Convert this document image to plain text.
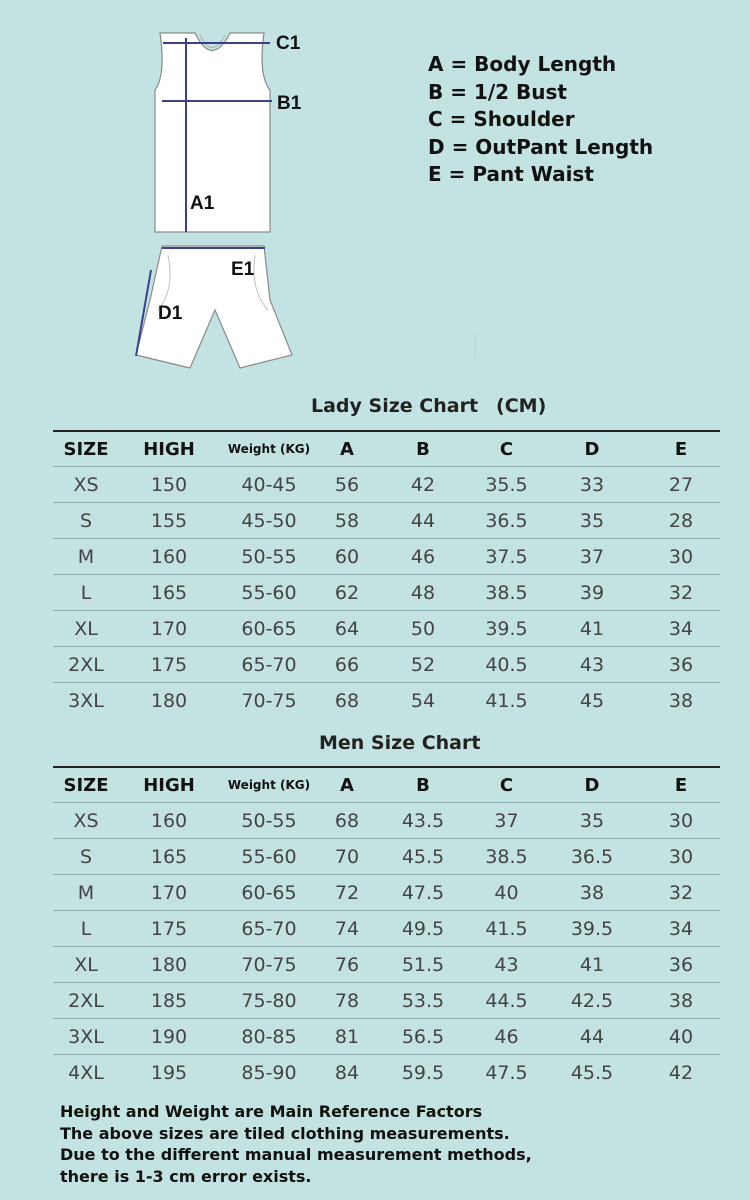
C1
B1
A1
E1
D1
A = Body Length
B = 1/2 Bust
C = Shoulder
D = OutPant Length
E = Pant Waist
Lady Size Chart (CM)
SIZE	HIGH	Weight (KG)	A	B	C	D	E
XS	150	40-45	56	42	35.5	33	27
S	155	45-50	58	44	36.5	35	28
M	160	50-55	60	46	37.5	37	30
L	165	55-60	62	48	38.5	39	32
XL	170	60-65	64	50	39.5	41	34
2XL	175	65-70	66	52	40.5	43	36
3XL	180	70-75	68	54	41.5	45	38
Men Size Chart
SIZE	HIGH	Weight (KG)	A	B	C	D	E
XS	160	50-55	68	43.5	37	35	30
S	165	55-60	70	45.5	38.5	36.5	30
M	170	60-65	72	47.5	40	38	32
L	175	65-70	74	49.5	41.5	39.5	34
XL	180	70-75	76	51.5	43	41	36
2XL	185	75-80	78	53.5	44.5	42.5	38
3XL	190	80-85	81	56.5	46	44	40
4XL	195	85-90	84	59.5	47.5	45.5	42
Height and Weight are Main Reference Factors
The above sizes are tiled clothing measurements.
Due to the different manual measurement methods,
there is 1-3 cm error exists.
